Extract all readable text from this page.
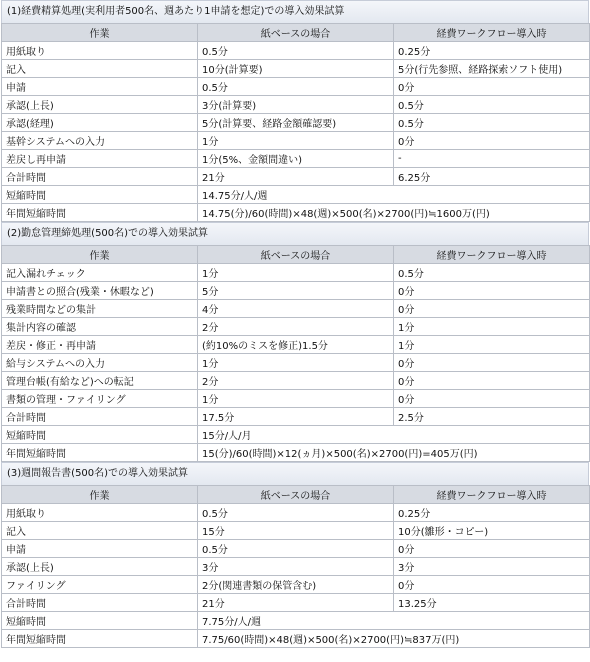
(1)経費精算処理(実利用者500名、週あたり1申請を想定)での導入効果試算
作業	紙ベースの場合	経費ワークフロー導入時
用紙取り	0.5分	0.25分
記入	10分(計算要)	5分(行先参照、経路探索ソフト使用)
申請	0.5分	0分
承認(上長)	3分(計算要)	0.5分
承認(経理)	5分(計算要、経路金額確認要)	0.5分
基幹システムへの入力	1分	0分
差戻し再申請	1分(5%、金額間違い)	-
合計時間	21分	6.25分
短縮時間	14.75分/人/週	
年間短縮時間	14.75(分)/60(時間)×48(週)×500(名)×2700(円)≒1600万(円)	
(2)勤怠管理締処理(500名)での導入効果試算
作業	紙ベースの場合	経費ワークフロー導入時
記入漏れチェック	1分	0.5分
申請書との照合(残業・休暇など)	5分	0分
残業時間などの集計	4分	0分
集計内容の確認	2分	1分
差戻・修正・再申請	(約10%のミスを修正)1.5分	1分
給与システムへの入力	1分	0分
管理台帳(有給など)への転記	2分	0分
書類の管理・ファイリング	1分	0分
合計時間	17.5分	2.5分
短縮時間	15分/人/月	
年間短縮時間	15(分)/60(時間)×12(ヵ月)×500(名)×2700(円)=405万(円)	
(3)週間報告書(500名)での導入効果試算
作業	紙ベースの場合	経費ワークフロー導入時
用紙取り	0.5分	0.25分
記入	15分	10分(雛形・コピー)
申請	0.5分	0分
承認(上長)	3分	3分
ファイリング	2分(関連書類の保管含む)	0分
合計時間	21分	13.25分
短縮時間	7.75分/人/週	
年間短縮時間	7.75/60(時間)×48(週)×500(名)×2700(円)≒837万(円)	
